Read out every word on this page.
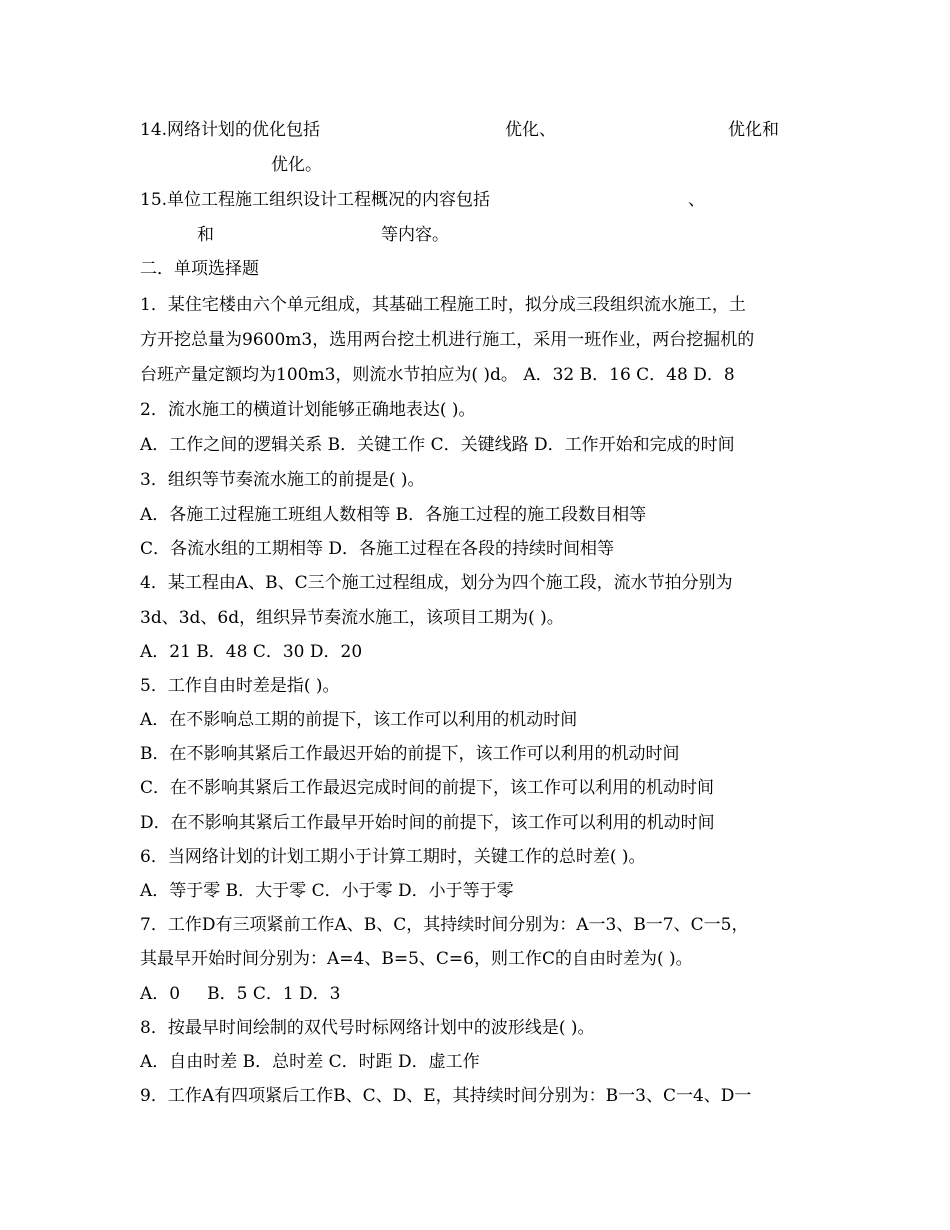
14.网络计划的优化包括	优化、	优化和
优化。
15.单位工程施工组织设计工程概况的内容包括	、
和	等内容。
二．单项选择题
1．某住宅楼由六个单元组成，其基础工程施工时，拟分成三段组织流水施工，土
方开挖总量为9600m3，选用两台挖土机进行施工，采用一班作业，两台挖掘机的
台班产量定额均为100m3，则流水节拍应为( )d。 A．32 B．16 C．48 D．8
2．流水施工的横道计划能够正确地表达( )。
A．工作之间的逻辑关系 B．关键工作 C．关键线路 D．工作开始和完成的时间
3．组织等节奏流水施工的前提是( )。
A．各施工过程施工班组人数相等 B．各施工过程的施工段数目相等
C．各流水组的工期相等 D．各施工过程在各段的持续时间相等
4．某工程由A、B、C三个施工过程组成，划分为四个施工段，流水节拍分别为
3d、3d、6d，组织异节奏流水施工，该项目工期为( )。
A．21 B．48 C．30 D．20
5．工作自由时差是指( )。
A．在不影响总工期的前提下，该工作可以利用的机动时间
B．在不影响其紧后工作最迟开始的前提下，该工作可以利用的机动时间
C．在不影响其紧后工作最迟完成时间的前提下，该工作可以利用的机动时间
D．在不影响其紧后工作最早开始时间的前提下，该工作可以利用的机动时间
6．当网络计划的计划工期小于计算工期时，关键工作的总时差( )。
A．等于零 B．大于零 C．小于零 D．小于等于零
7．工作D有三项紧前工作A、B、C，其持续时间分别为：A一3、B一7、C一5，
其最早开始时间分别为：A=4、B=5、C=6，则工作C的自由时差为( )。
A．0     B．5 C．1 D．3
8．按最早时间绘制的双代号时标网络计划中的波形线是( )。
A．自由时差 B．总时差 C．时距 D．虚工作
9．工作A有四项紧后工作B、C、D、E，其持续时间分别为：B一3、C一4、D一
